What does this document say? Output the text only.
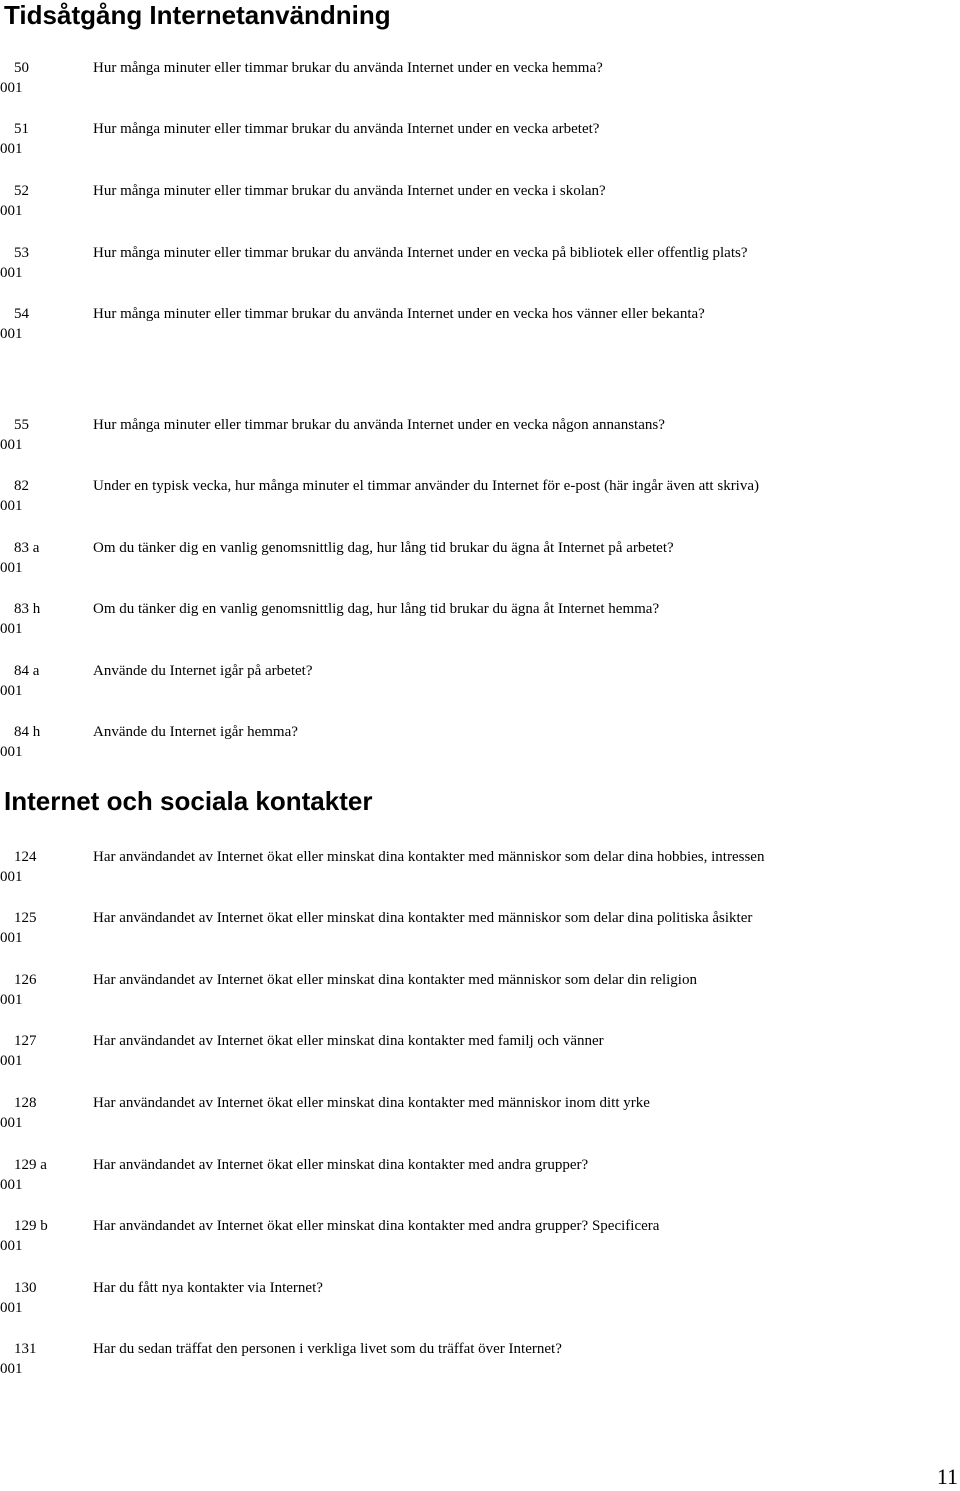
Tidsåtgång Internetanvändning
50
001
Hur många minuter eller timmar brukar du använda Internet under en vecka hemma?
51
001
Hur många minuter eller timmar brukar du använda Internet under en vecka arbetet?
52
001
Hur många minuter eller timmar brukar du använda Internet under en vecka i skolan?
53
001
Hur många minuter eller timmar brukar du använda Internet under en vecka på bibliotek eller offentlig plats?
54
001
Hur många minuter eller timmar brukar du använda Internet under en vecka hos vänner eller bekanta?
55
001
Hur många minuter eller timmar brukar du använda Internet under en vecka någon annanstans?
82
001
Under en typisk vecka, hur många minuter el timmar använder du Internet för e-post (här ingår även att skriva)
83 a
001
Om du tänker dig en vanlig genomsnittlig dag, hur lång tid brukar du ägna åt Internet på arbetet?
83 h
001
Om du tänker dig en vanlig genomsnittlig dag, hur lång tid brukar du ägna åt Internet hemma?
84 a
001
Använde du Internet igår på arbetet?
84 h
001
Använde du Internet igår hemma?
Internet och sociala kontakter
124
001
Har användandet av Internet ökat eller minskat dina kontakter med människor som delar dina hobbies, intressen
125
001
Har användandet av Internet ökat eller minskat dina kontakter med människor som delar dina politiska åsikter
126
001
Har användandet av Internet ökat eller minskat dina kontakter med människor som delar din religion
127
001
Har användandet av Internet ökat eller minskat dina kontakter med familj och vänner
128
001
Har användandet av Internet ökat eller minskat dina kontakter med människor inom ditt yrke
129 a
001
Har användandet av Internet ökat eller minskat dina kontakter med andra grupper?
129 b
001
Har användandet av Internet ökat eller minskat dina kontakter med andra grupper? Specificera
130
001
Har du fått nya kontakter via Internet?
131
001
Har du sedan träffat den personen i verkliga livet som du träffat över Internet?
11
